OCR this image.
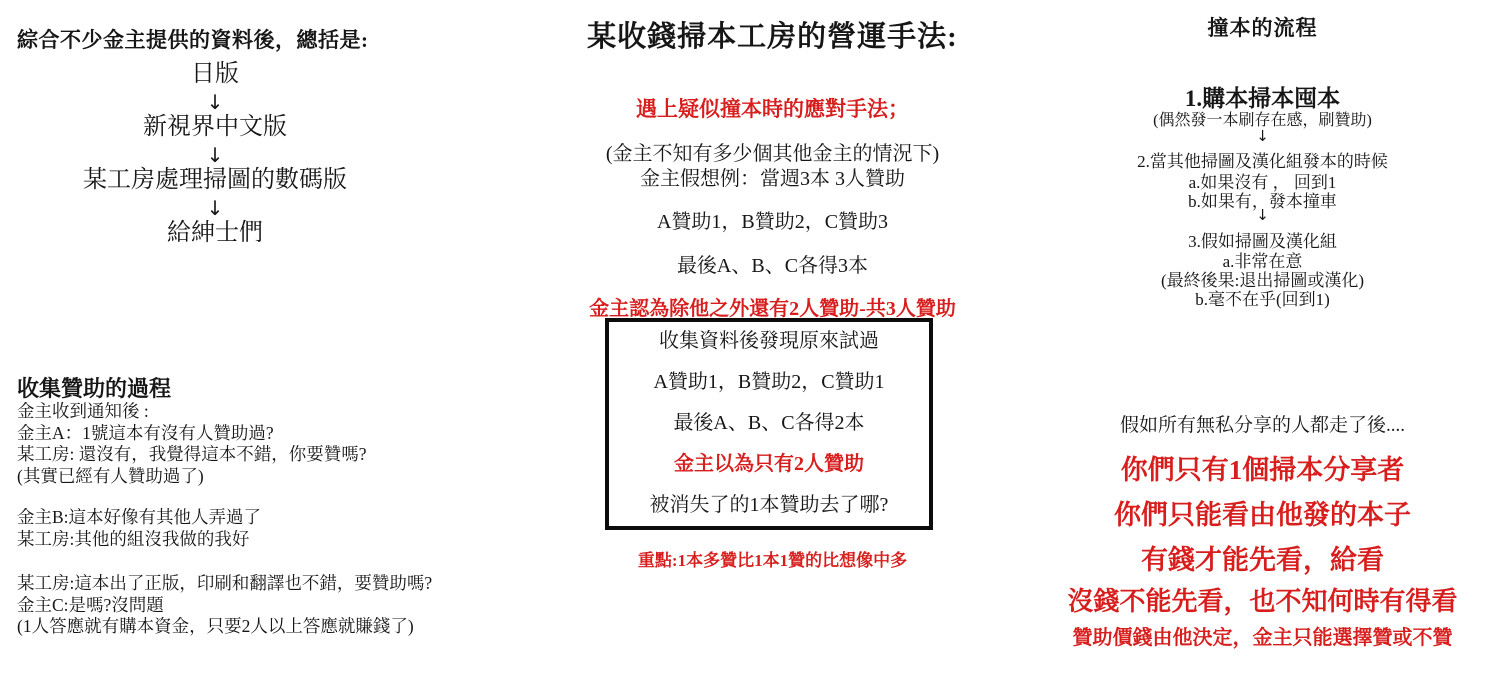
綜合不少金主提供的資料後，總括是:
日版
↓
新視界中文版
↓
某工房處理掃圖的數碼版
↓
給紳士們
收集贊助的過程
金主收到通知後 :
金主A：1號這本有沒有人贊助過?
某工房: 還沒有，我覺得這本不錯，你要贊嗎?
(其實已經有人贊助過了)
金主B:這本好像有其他人弄過了
某工房:其他的組沒我做的我好
某工房:這本出了正版，印刷和翻譯也不錯，要贊助嗎?
金主C:是嗎?沒問題
(1人答應就有購本資金，只要2人以上答應就賺錢了)
某收錢掃本工房的營運手法:
遇上疑似撞本時的應對手法；
(金主不知有多少個其他金主的情況下)
金主假想例：當週3本 3人贊助
A贊助1，B贊助2，C贊助3
最後A、B、C各得3本
金主認為除他之外還有2人贊助-共3人贊助
收集資料後發現原來試過
A贊助1，B贊助2，C贊助1
最後A、B、C各得2本
金主以為只有2人贊助
被消失了的1本贊助去了哪?
重點:1本多贊比1本1贊的比想像中多
撞本的流程
1.購本掃本囤本
(偶然發一本刷存在感，刷贊助)
↓
2.當其他掃圖及漢化組發本的時候
a.如果沒有 ， 回到1
b.如果有，發本撞車
↓
3.假如掃圖及漢化組
a.非常在意
(最終後果:退出掃圖或漢化)
b.毫不在乎(回到1)
假如所有無私分享的人都走了後....
你們只有1個掃本分享者
你們只能看由他發的本子
有錢才能先看，給看
沒錢不能先看，也不知何時有得看
贊助價錢由他決定，金主只能選擇贊或不贊
